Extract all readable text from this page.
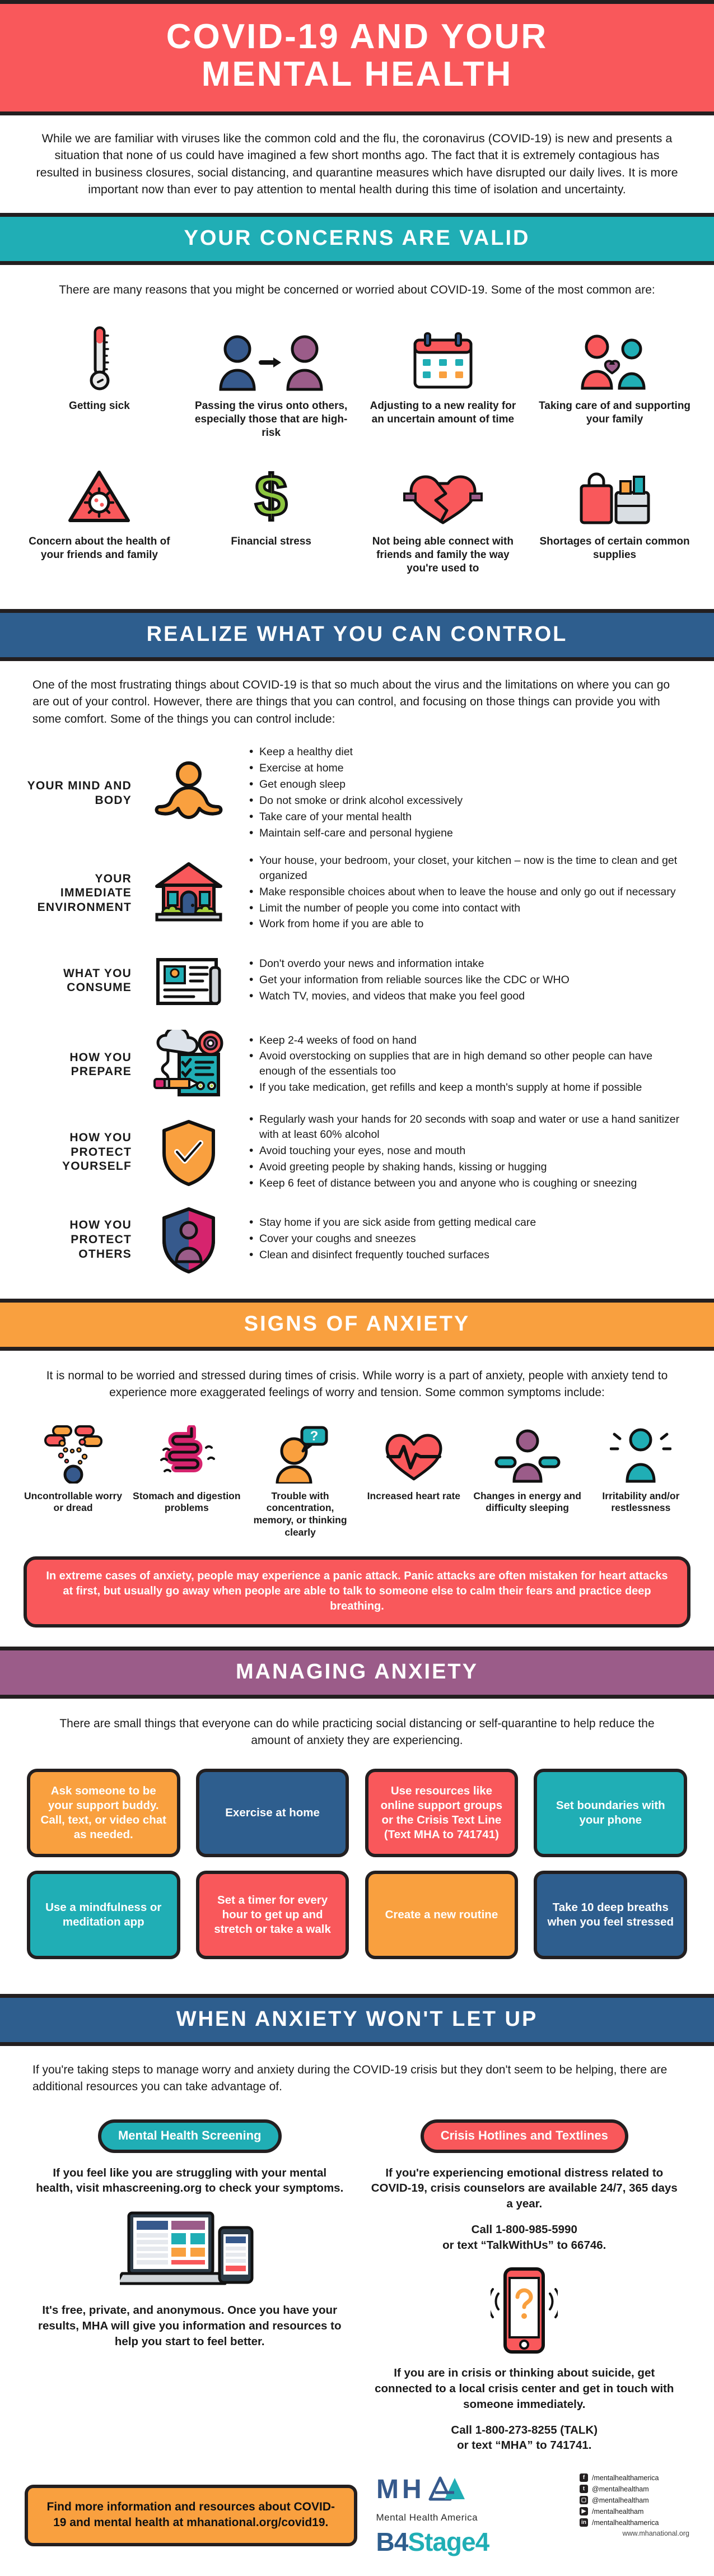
COVID-19 AND YOUR
MENTAL HEALTH
While we are familiar with viruses like the common cold and the flu, the coronavirus (COVID-19) is new and presents a situation that none of us could have imagined a few short months ago. The fact that it is extremely contagious has resulted in business closures, social distancing, and quarantine measures which have disrupted our daily lives. It is more important now than ever to pay attention to mental health during this time of isolation and uncertainty.
YOUR CONCERNS ARE VALID
There are many reasons that you might be concerned or worried about COVID-19. Some of the most common are:
Getting sick	Passing the virus onto others, especially those that are high-risk
Adjusting to a new reality for an uncertain amount of time
Taking care of and supporting your family
Concern about the health of your friends and family
$
Financial stress	Not being able connect with friends and family the way you're used to
Shortages of certain common supplies
REALIZE WHAT YOU CAN CONTROL
One of the most frustrating things about COVID-19 is that so much about the virus and the limitations on where you can go are out of your control. However, there are things that you can control, and focusing on those things can provide you with some comfort. Some of the things you can control include:
YOUR MIND AND BODY
• Keep a healthy diet
• Exercise at home
• Get enough sleep
• Do not smoke or drink alcohol excessively
• Take care of your mental health
• Maintain self-care and personal hygiene
YOUR IMMEDIATE ENVIRONMENT
• Your house, your bedroom, your closet, your kitchen – now is the time to clean and get organized
• Make responsible choices about when to leave the house and only go out if necessary
• Limit the number of people you come into contact with
• Work from home if you are able to
WHAT YOU CONSUME
• Don't overdo your news and information intake
• Get your information from reliable sources like the CDC or WHO
• Watch TV, movies, and videos that make you feel good
HOW YOU PREPARE
• Keep 2-4 weeks of food on hand
• Avoid overstocking on supplies that are in high demand so other people can have enough of the essentials too
• If you take medication, get refills and keep a month's supply at home if possible
HOW YOU PROTECT YOURSELF
• Regularly wash your hands for 20 seconds with soap and water or use a hand sanitizer with at least 60% alcohol
• Avoid touching your eyes, nose and mouth
• Avoid greeting people by shaking hands, kissing or hugging
• Keep 6 feet of distance between you and anyone who is coughing or sneezing
HOW YOU PROTECT OTHERS
• Stay home if you are sick aside from getting medical care
• Cover your coughs and sneezes
• Clean and disinfect frequently touched surfaces
SIGNS OF ANXIETY
It is normal to be worried and stressed during times of crisis. While worry is a part of anxiety, people with anxiety tend to experience more exaggerated feelings of worry and tension. Some common symptoms include:
Uncontrollable worry or dread
Stomach and digestion problems
?
Trouble with concentration, memory, or thinking clearly
Increased heart rate	Changes in energy and difficulty sleeping
Irritability and/or restlessness
In extreme cases of anxiety, people may experience a panic attack. Panic attacks are often mistaken for heart attacks at first, but usually go away when people are able to talk to someone else to calm their fears and practice deep breathing.
MANAGING ANXIETY
There are small things that everyone can do while practicing social distancing or self-quarantine to help reduce the amount of anxiety they are experiencing.
Ask someone to be your support buddy. Call, text, or video chat as needed.
Exercise at home
Use resources like online support groups or the Crisis Text Line (Text MHA to 741741)
Set boundaries with your phone
Use a mindfulness or meditation app
Set a timer for every hour to get up and stretch or take a walk
Create a new routine
Take 10 deep breaths when you feel stressed
WHEN ANXIETY WON'T LET UP
If you're taking steps to manage worry and anxiety during the COVID-19 crisis but they don't seem to be helping, there are additional resources you can take advantage of.
Mental Health Screening
If you feel like you are struggling with your mental health, visit mhascreening.org to check your symptoms.
It's free, private, and anonymous. Once you have your results, MHA will give you information and resources to help you start to feel better.
Crisis Hotlines and Textlines
If you're experiencing emotional distress related to COVID-19, crisis counselors are available 24/7, 365 days a year.
Call 1-800-985-5990
or text “TalkWithUs” to 66746.
If you are in crisis or thinking about suicide, get connected to a local crisis center and get in touch with someone immediately.
Call 1-800-273-8255 (TALK)
or text “MHA” to 741741.
Find more information and resources about COVID-19 and mental health at mhanational.org/covid19.
M H
Mental Health America
B4Stage4
f	/mentalhealthamerica
t	@mentalhealtham
▢ @mentalhealtham
▶ /mentalhealtham
in /mentalhealthamerica
www.mhanational.org
